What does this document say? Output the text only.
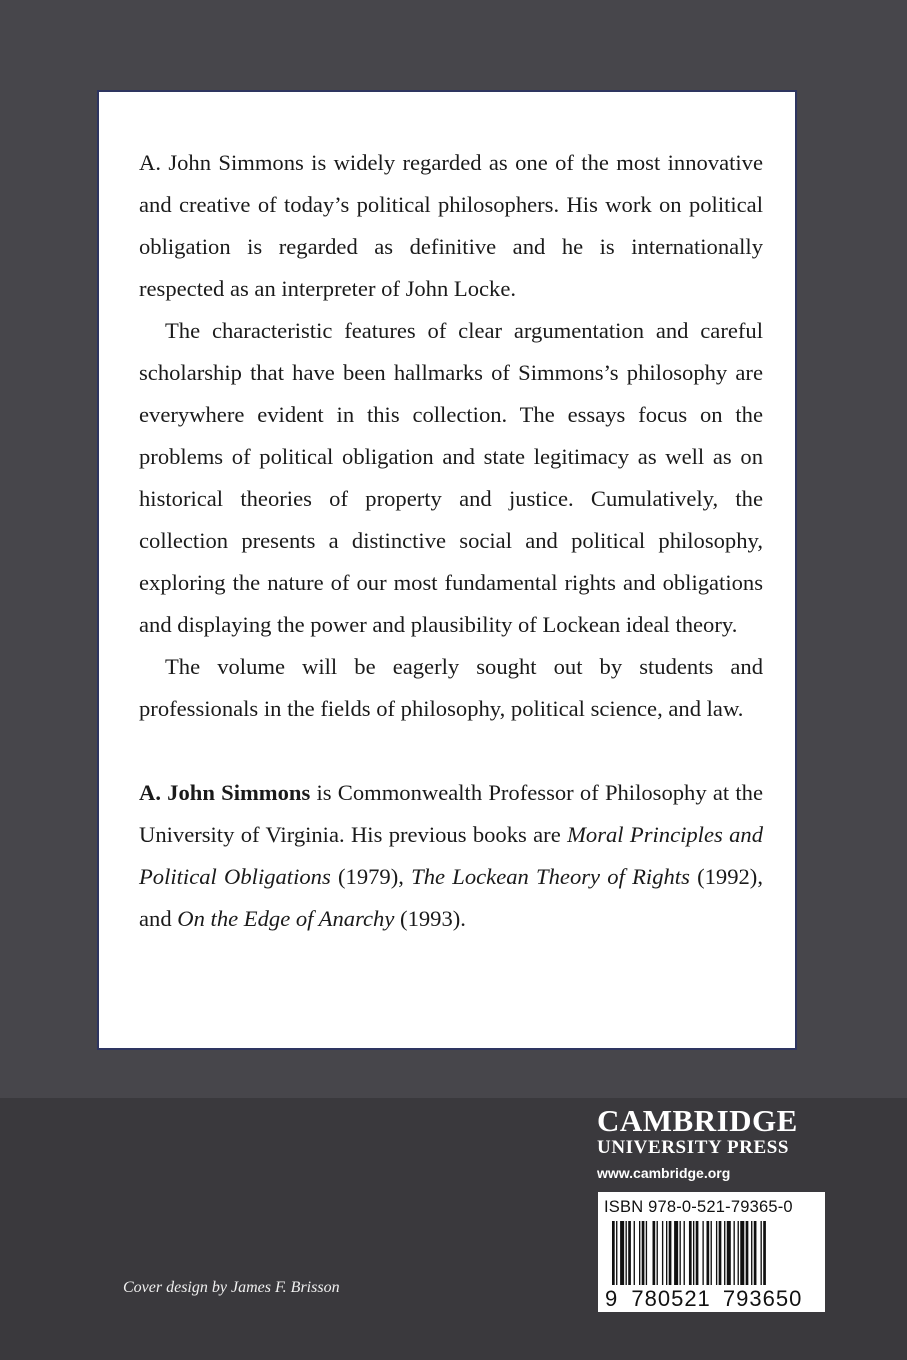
A. John Simmons is widely regarded as one of the most innovative and creative of today’s political philosophers. His work on political obligation is regarded as definitive and he is internationally respected as an interpreter of John Locke.

The characteristic features of clear argumentation and careful scholarship that have been hallmarks of Simmons’s philosophy are everywhere evident in this collection. The essays focus on the problems of political obligation and state legitimacy as well as on historical theories of property and justice. Cumulatively, the collection presents a distinctive social and political philosophy, exploring the nature of our most fundamental rights and obligations and displaying the power and plausibility of Lockean ideal theory.

The volume will be eagerly sought out by students and professionals in the fields of philosophy, political science, and law.

A. John Simmons is Commonwealth Professor of Philosophy at the University of Virginia. His previous books are Moral Principles and Political Obligations (1979), The Lockean Theory of Rights (1992), and On the Edge of Anarchy (1993).

CAMBRIDGE
UNIVERSITY PRESS
www.cambridge.org
ISBN 978-0-521-79365-0
9 780521 793650
Cover design by James F. Brisson
